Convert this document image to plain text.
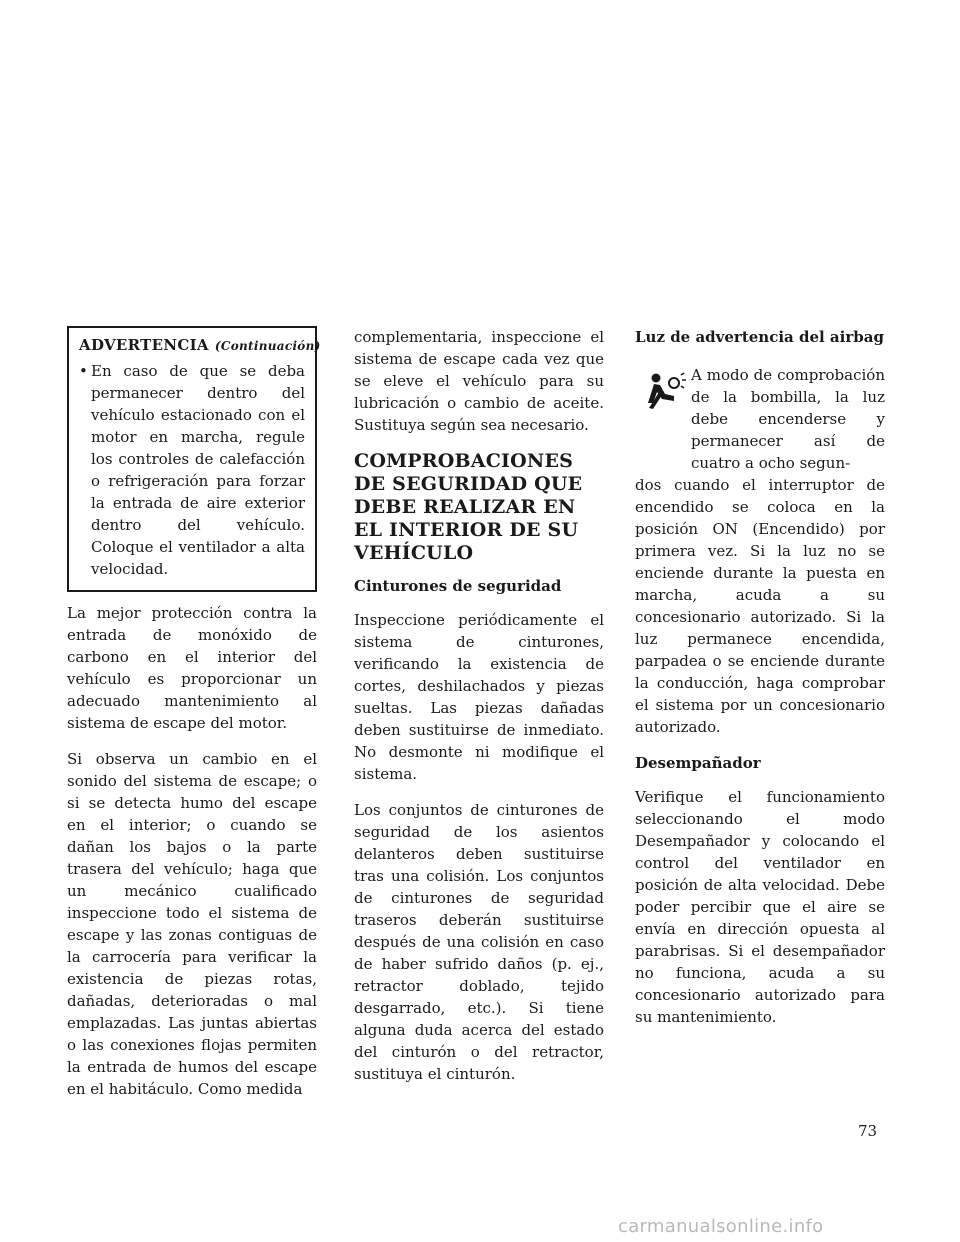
ADVERTENCIA (Continuación)
• En caso de que se deba permanecer dentro del vehículo estacionado con el motor en marcha, regule los controles de calefacción o refrigeración para forzar la entrada de aire exterior dentro del vehículo. Coloque el ventilador a alta velocidad.

La mejor protección contra la entrada de monóxido de carbono en el interior del vehículo es proporcionar un adecuado mantenimiento al sistema de escape del motor.

Si observa un cambio en el sonido del sistema de escape; o si se detecta humo del escape en el interior; o cuando se dañan los bajos o la parte trasera del vehículo; haga que un mecánico cualificado inspeccione todo el sistema de escape y las zonas contiguas de la carrocería para verificar la existencia de piezas rotas, dañadas, deterioradas o mal emplazadas. Las juntas abiertas o las conexiones flojas permiten la entrada de humos del escape en el habitáculo. Como medida

complementaria, inspeccione el sistema de escape cada vez que se eleve el vehículo para su lubricación o cambio de aceite. Sustituya según sea necesario.

COMPROBACIONES DE SEGURIDAD QUE DEBE REALIZAR EN EL INTERIOR DE SU VEHÍCULO
Cinturones de seguridad

Inspeccione periódicamente el sistema de cinturones, verificando la existencia de cortes, deshilachados y piezas sueltas. Las piezas dañadas deben sustituirse de inmediato. No desmonte ni modifique el sistema.

Los conjuntos de cinturones de seguridad de los asientos delanteros deben sustituirse tras una colisión. Los conjuntos de cinturones de seguridad traseros deberán sustituirse después de una colisión en caso de haber sufrido daños (p. ej., retractor doblado, tejido desgarrado, etc.). Si tiene alguna duda acerca del estado del cinturón o del retractor, sustituya el cinturón.

Luz de advertencia del airbag

A modo de comprobación de la bombilla, la luz debe encenderse y permanecer así de cuatro a ocho segun-

dos cuando el interruptor de encendido se coloca en la posición ON (Encendido) por primera vez. Si la luz no se enciende durante la puesta en marcha, acuda a su concesionario autorizado. Si la luz permanece encendida, parpadea o se enciende durante la conducción, haga comprobar el sistema por un concesionario autorizado.

Desempañador

Verifique el funcionamiento seleccionando el modo Desempañador y colocando el control del ventilador en posición de alta velocidad. Debe poder percibir que el aire se envía en dirección opuesta al parabrisas. Si el desempañador no funciona, acuda a su concesionario autorizado para su mantenimiento.

73
carmanualsonline.info
